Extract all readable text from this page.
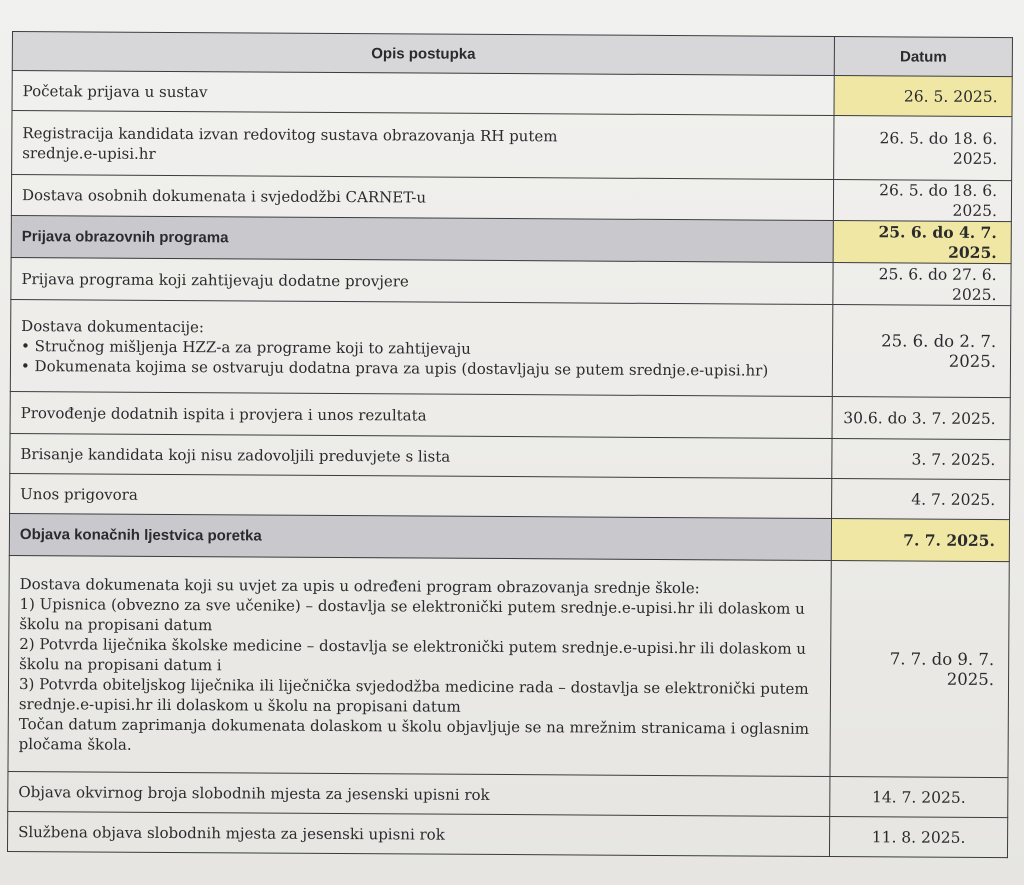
Opis postupka	Datum
Početak prijava u sustav	26. 5. 2025.
Registracija kandidata izvan redovitog sustava obrazovanja RH putem
srednje.e-upisi.hr	26. 5. do 18. 6. 2025.
Dostava osobnih dokumenata i svjedodžbi CARNET-u	26. 5. do 18. 6. 2025.
Prijava obrazovnih programa	25. 6. do 4. 7. 2025.
Prijava programa koji zahtijevaju dodatne provjere	25. 6. do 27. 6. 2025.

Dostava dokumentacije:
• Stručnog mišljenja HZZ-a za programe koji to zahtijevaju
• Dokumenata kojima se ostvaruju dodatna prava za upis (dostavljaju se putem srednje.e-upisi.hr)	25. 6. do 2. 7. 2025.
Provođenje dodatnih ispita i provjera i unos rezultata	30.6. do 3. 7. 2025.
Brisanje kandidata koji nisu zadovoljili preduvjete s lista	3. 7. 2025.
Unos prigovora	4. 7. 2025.
Objava konačnih ljestvica poretka	7. 7. 2025.

Dostava dokumenata koji su uvjet za upis u određeni program obrazovanja srednje škole:
1) Upisnica (obvezno za sve učenike) – dostavlja se elektronički putem srednje.e-upisi.hr ili dolaskom u školu na propisani datum
2) Potvrda liječnika školske medicine – dostavlja se elektronički putem srednje.e-upisi.hr ili dolaskom u školu na propisani datum i
3) Potvrda obiteljskog liječnika ili liječnička svjedodžba medicine rada – dostavlja se elektronički putem srednje.e-upisi.hr ili dolaskom u školu na propisani datum
Točan datum zaprimanja dokumenata dolaskom u školu objavljuje se na mrežnim stranicama i oglasnim pločama škola.	7. 7. do 9. 7. 2025.
Objava okvirnog broja slobodnih mjesta za jesenski upisni rok	14. 7. 2025.
Službena objava slobodnih mjesta za jesenski upisni rok	11. 8. 2025.
